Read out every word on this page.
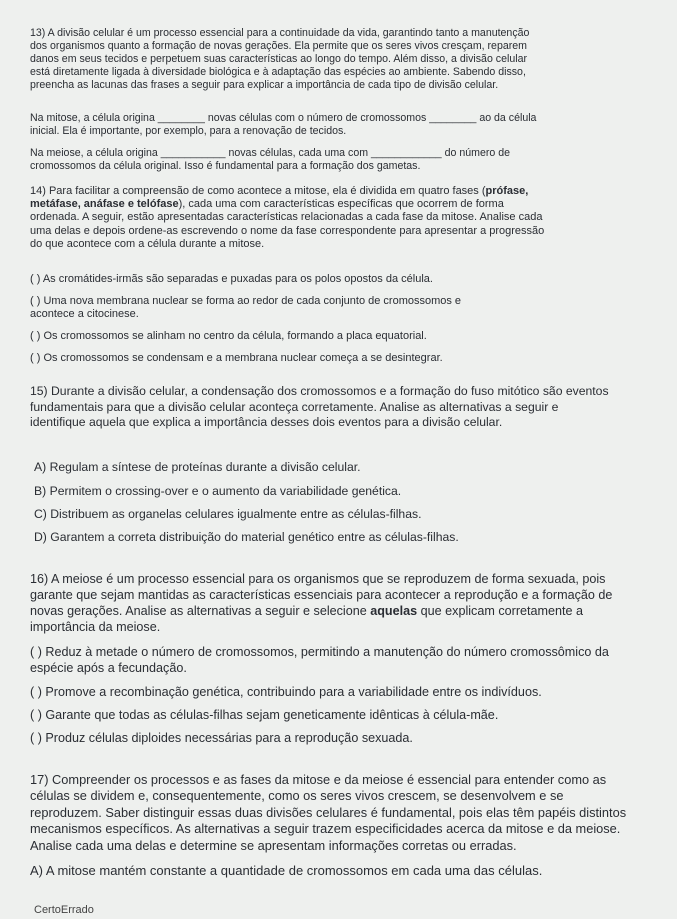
13) A divisão celular é um processo essencial para a continuidade da vida, garantindo tanto a manutenção
dos organismos quanto a formação de novas gerações. Ela permite que os seres vivos cresçam, reparem
danos em seus tecidos e perpetuem suas características ao longo do tempo. Além disso, a divisão celular
está diretamente ligada à diversidade biológica e à adaptação das espécies ao ambiente. Sabendo disso,
preencha as lacunas das frases a seguir para explicar a importância de cada tipo de divisão celular.
Na mitose, a célula origina ________ novas células com o número de cromossomos ________ ao da célula
inicial. Ela é importante, por exemplo, para a renovação de tecidos.
Na meiose, a célula origina ___________ novas células, cada uma com ____________ do número de
cromossomos da célula original. Isso é fundamental para a formação dos gametas.
14) Para facilitar a compreensão de como acontece a mitose, ela é dividida em quatro fases (prófase,
metáfase, anáfase e telófase), cada uma com características específicas que ocorrem de forma
ordenada. A seguir, estão apresentadas características relacionadas a cada fase da mitose. Analise cada
uma delas e depois ordene-as escrevendo o nome da fase correspondente para apresentar a progressão
do que acontece com a célula durante a mitose.
( ) As cromátides-irmãs são separadas e puxadas para os polos opostos da célula.
( ) Uma nova membrana nuclear se forma ao redor de cada conjunto de cromossomos e
acontece a citocinese.
( ) Os cromossomos se alinham no centro da célula, formando a placa equatorial.
( ) Os cromossomos se condensam e a membrana nuclear começa a se desintegrar.
15) Durante a divisão celular, a condensação dos cromossomos e a formação do fuso mitótico são eventos
fundamentais para que a divisão celular aconteça corretamente. Analise as alternativas a seguir e
identifique aquela que explica a importância desses dois eventos para a divisão celular.
A) Regulam a síntese de proteínas durante a divisão celular.
B) Permitem o crossing-over e o aumento da variabilidade genética.
C) Distribuem as organelas celulares igualmente entre as células-filhas.
D) Garantem a correta distribuição do material genético entre as células-filhas.
16) A meiose é um processo essencial para os organismos que se reproduzem de forma sexuada, pois
garante que sejam mantidas as características essenciais para acontecer a reprodução e a formação de
novas gerações. Analise as alternativas a seguir e selecione aquelas que explicam corretamente a
importância da meiose.
( ) Reduz à metade o número de cromossomos, permitindo a manutenção do número cromossômico da
espécie após a fecundação.
( ) Promove a recombinação genética, contribuindo para a variabilidade entre os indivíduos.
( ) Garante que todas as células-filhas sejam geneticamente idênticas à célula-mãe.
( ) Produz células diploides necessárias para a reprodução sexuada.
17) Compreender os processos e as fases da mitose e da meiose é essencial para entender como as
células se dividem e, consequentemente, como os seres vivos crescem, se desenvolvem e se
reproduzem. Saber distinguir essas duas divisões celulares é fundamental, pois elas têm papéis distintos
mecanismos específicos. As alternativas a seguir trazem especificidades acerca da mitose e da meiose.
Analise cada uma delas e determine se apresentam informações corretas ou erradas.
A) A mitose mantém constante a quantidade de cromossomos em cada uma das células.
CertoErrado
